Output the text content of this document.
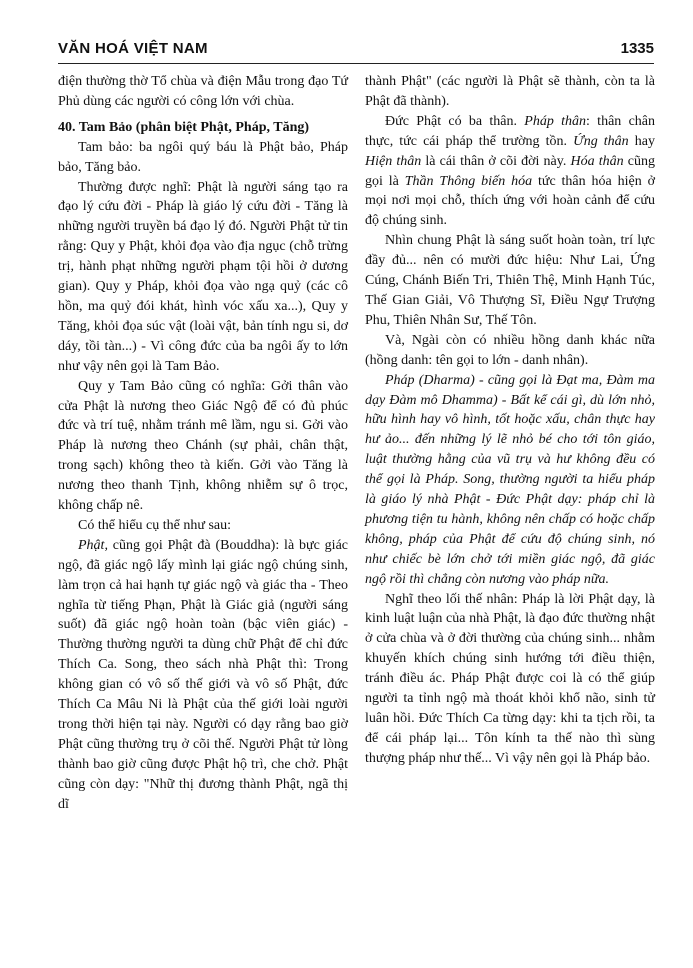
VĂN HOÁ VIỆT NAM	1335

điện thường thờ Tổ chùa và điện Mẫu trong đạo Tứ Phủ dùng các người có công lớn với chùa.

40. Tam Bảo (phân biệt Phật, Pháp, Tăng)

Tam bảo: ba ngôi quý báu là Phật bảo, Pháp bảo, Tăng bảo.

Thường được nghĩ: Phật là người sáng tạo ra đạo lý cứu đời - Pháp là giáo lý cứu đời - Tăng là những người truyền bá đạo lý đó. Người Phật tử tin rằng: Quy y Phật, khỏi đọa vào địa ngục (chỗ trừng trị, hành phạt những người phạm tội hồi ở dương gian). Quy y Pháp, khỏi đọa vào ngạ quỷ (các cô hồn, ma quỷ đói khát, hình vóc xấu xa...), Quy y Tăng, khỏi đọa súc vật (loài vật, bản tính ngu si, dơ dáy, tồi tàn...) - Vì công đức của ba ngôi ấy to lớn như vậy nên gọi là Tam Bảo.

Quy y Tam Bảo cũng có nghĩa: Gởi thân vào cửa Phật là nương theo Giác Ngộ để có đủ phúc đức và trí tuệ, nhằm tránh mê lầm, ngu si. Gởi vào Pháp là nương theo Chánh (sự phải, chân thật, trong sạch) không theo tà kiến. Gởi vào Tăng là nương theo thanh Tịnh, không nhiễm sự ô trọc, không chấp nê.

Có thể hiểu cụ thể như sau:

Phật, cũng gọi Phật đà (Bouddha): là bực giác ngộ, đã giác ngộ lấy mình lại giác ngộ chúng sinh, làm trọn cả hai hạnh tự giác ngộ và giác tha - Theo nghĩa từ tiếng Phạn, Phật là Giác giả (người sáng suốt) đã giác ngộ hoàn toàn (bậc viên giác) - Thường thường người ta dùng chữ Phật để chỉ đức Thích Ca. Song, theo sách nhà Phật thì: Trong không gian có vô số thế giới và vô số Phật, đức Thích Ca Mâu Ni là Phật của thế giới loài người trong thời hiện tại này. Người có dạy rằng bao giờ Phật cũng thường trụ ở cõi thế. Người Phật tử lòng thành bao giờ cũng được Phật hộ trì, che chở. Phật cũng còn dạy: "Nhữ thị đương thành Phật, ngã thị dĩ

thành Phật" (các người là Phật sẽ thành, còn ta là Phật đã thành).

Đức Phật có ba thân. Pháp thân: thân chân thực, tức cái pháp thể trường tồn. Ứng thân hay Hiện thân là cái thân ở cõi đời này. Hóa thân cũng gọi là Thần Thông biến hóa tức thân hóa hiện ở mọi nơi mọi chỗ, thích ứng với hoàn cảnh để cứu độ chúng sinh.

Nhìn chung Phật là sáng suốt hoàn toàn, trí lực đầy đủ... nên có mười đức hiệu: Như Lai, Ứng Cúng, Chánh Biến Tri, Thiên Thệ, Minh Hạnh Túc, Thế Gian Giải, Vô Thượng Sĩ, Điều Ngự Trượng Phu, Thiên Nhân Sư, Thế Tôn.

Và, Ngài còn có nhiều hồng danh khác nữa (hồng danh: tên gọi to lớn - danh nhân).

Pháp (Dharma) - cũng gọi là Đạt ma, Đàm ma dạy Đàm mô Dhamma) - Bất kể cái gì, dù lớn nhỏ, hữu hình hay vô hình, tốt hoặc xấu, chân thực hay hư ảo... đến những lý lẽ nhỏ bé cho tới tôn giáo, luật thường hằng của vũ trụ và hư không đều có thể gọi là Pháp. Song, thường người ta hiểu pháp là giáo lý nhà Phật - Đức Phật dạy: pháp chỉ là phương tiện tu hành, không nên chấp có hoặc chấp không, pháp của Phật để cứu độ chúng sinh, nó như chiếc bè lớn chở tới miền giác ngộ, đã giác ngộ rồi thì chẳng còn nương vào pháp nữa.

Nghĩ theo lối thế nhân: Pháp là lời Phật dạy, là kinh luật luận của nhà Phật, là đạo đức thường nhật ở cửa chùa và ở đời thường của chúng sinh... nhằm khuyến khích chúng sinh hướng tới điều thiện, tránh điều ác. Pháp Phật được coi là có thể giúp người ta tỉnh ngộ mà thoát khỏi khổ não, sinh tử luân hồi. Đức Thích Ca từng dạy: khi ta tịch rồi, ta để cái pháp lại... Tôn kính ta thế nào thì sùng thượng pháp như thế... Vì vậy nên gọi là Pháp bảo.
